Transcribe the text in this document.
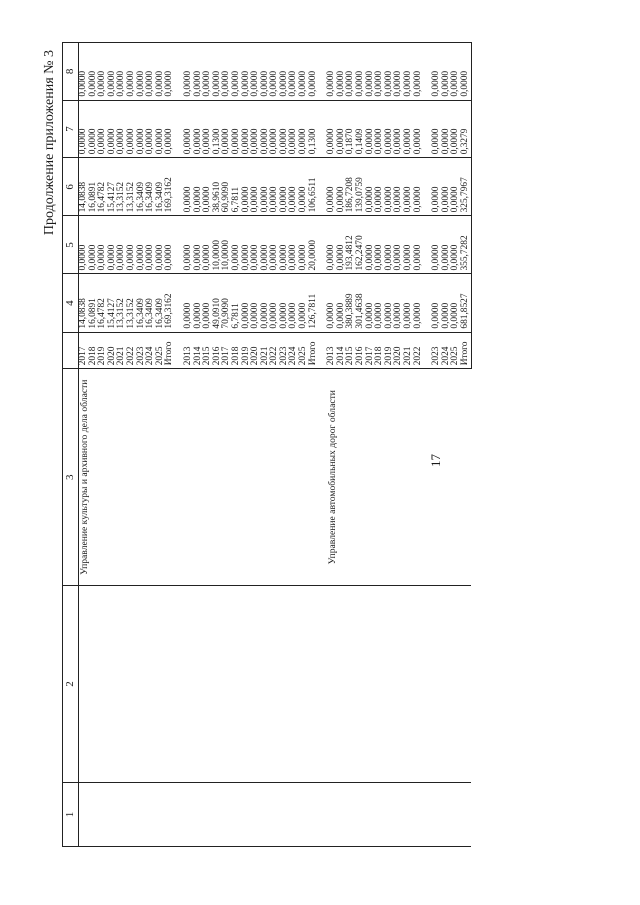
17
Продолжение приложения № 3
1	2	3		4	5	6	7	8
		Управление культуры и архивного дела области	2017	14,0838	0,0000	14,0838	0,0000	0,0000
			2018	16,0891	0,0000	16,0891	0,0000	0,0000
			2019	16,4782	0,0000	16,4782	0,0000	0,0000
			2020	15,4127	0,0000	15,4127	0,0000	0,0000
			2021	13,3152	0,0000	13,3152	0,0000	0,0000
			2022	13,3152	0,0000	13,3152	0,0000	0,0000
			2023	16,3409	0,0000	16,3409	0,0000	0,0000
			2024	16,3409	0,0000	16,3409	0,0000	0,0000
			2025	16,3409	0,0000	16,3409	0,0000	0,0000
			Итого	169,3162	0,0000	169,3162	0,0000	0,0000

			2013	0,0000	0,0000	0,0000	0,0000	0,0000
			2014	0,0000	0,0000	0,0000	0,0000	0,0000
			2015	0,0000	0,0000	0,0000	0,0000	0,0000
			2016	49,0910	10,0000	38,9610	0,1300	0,0000
			2017	70,9090	10,0000	60,9090	0,0000	0,0000
			2018	6,7811	0,0000	6,7811	0,0000	0,0000
			2019	0,0000	0,0000	0,0000	0,0000	0,0000
			2020	0,0000	0,0000	0,0000	0,0000	0,0000
			2021	0,0000	0,0000	0,0000	0,0000	0,0000
			2022	0,0000	0,0000	0,0000	0,0000	0,0000
			2023	0,0000	0,0000	0,0000	0,0000	0,0000
			2024	0,0000	0,0000	0,0000	0,0000	0,0000
			2025	0,0000	0,0000	0,0000	0,0000	0,0000
			Итого	126,7811	20,0000	106,6511	0,1300	0,0000

		Управление автомобильных дорог области	2013	0,0000	0,0000	0,0000	0,0000	0,0000
			2014	0,0000	0,0000	0,0000	0,0000	0,0000
			2015	380,3889	193,4812	186,7208	0,1870	0,0000
			2016	301,4638	162,2470	139,0759	0,1409	0,0000
			2017	0,0000	0,0000	0,0000	0,0000	0,0000
			2018	0,0000	0,0000	0,0000	0,0000	0,0000
			2019	0,0000	0,0000	0,0000	0,0000	0,0000
			2020	0,0000	0,0000	0,0000	0,0000	0,0000
			2021	0,0000	0,0000	0,0000	0,0000	0,0000
			2022	0,0000	0,0000	0,0000	0,0000	0,0000

			2023	0,0000	0,0000	0,0000	0,0000	0,0000
			2024	0,0000	0,0000	0,0000	0,0000	0,0000
			2025	0,0000	0,0000	0,0000	0,0000	0,0000
			Итого	681,8527	355,7282	325,7967	0,3279	0,0000
